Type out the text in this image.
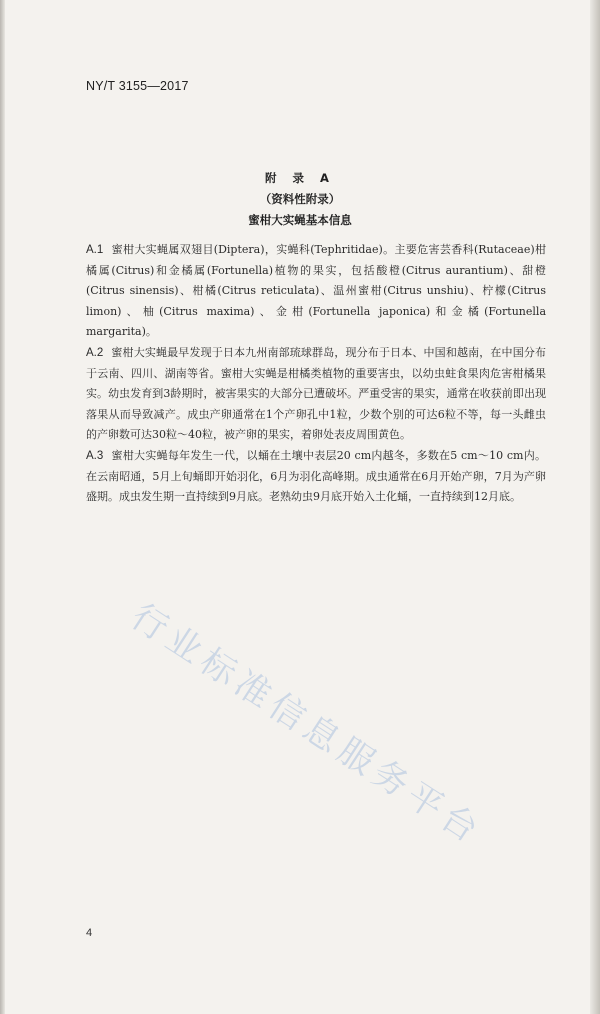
NY/T 3155—2017
附 录 A
（资料性附录）
蜜柑大实蝇基本信息

A.1 蜜柑大实蝇属双翅目(Diptera)，实蝇科(Tephritidae)。主要危害芸香科(Rutaceae)柑橘属(Citrus)和金橘属(Fortunella)植物的果实，包括酸橙(Citrus aurantium)、甜橙(Citrus sinensis)、柑橘(Citrus reticulata)、温州蜜柑(Citrus unshiu)、柠檬(Citrus limon)、柚(Citrus maxima)、金柑(Fortunella japonica)和金橘(Fortunella margarita)。

A.2 蜜柑大实蝇最早发现于日本九州南部琉球群岛，现分布于日本、中国和越南，在中国分布于云南、四川、湖南等省。蜜柑大实蝇是柑橘类植物的重要害虫，以幼虫蛀食果肉危害柑橘果实。幼虫发育到3龄期时，被害果实的大部分已遭破坏。严重受害的果实，通常在收获前即出现落果从而导致减产。成虫产卵通常在1个产卵孔中1粒，少数个别的可达6粒不等，每一头雌虫的产卵数可达30粒～40粒，被产卵的果实，着卵处表皮周围黄色。

A.3 蜜柑大实蝇每年发生一代，以蛹在土壤中表层20 cm内越冬，多数在5 cm～10 cm内。在云南昭通，5月上旬蛹即开始羽化，6月为羽化高峰期。成虫通常在6月开始产卵，7月为产卵盛期。成虫发生期一直持续到9月底。老熟幼虫9月底开始入土化蛹，一直持续到12月底。

行业标准信息服务平台
4
